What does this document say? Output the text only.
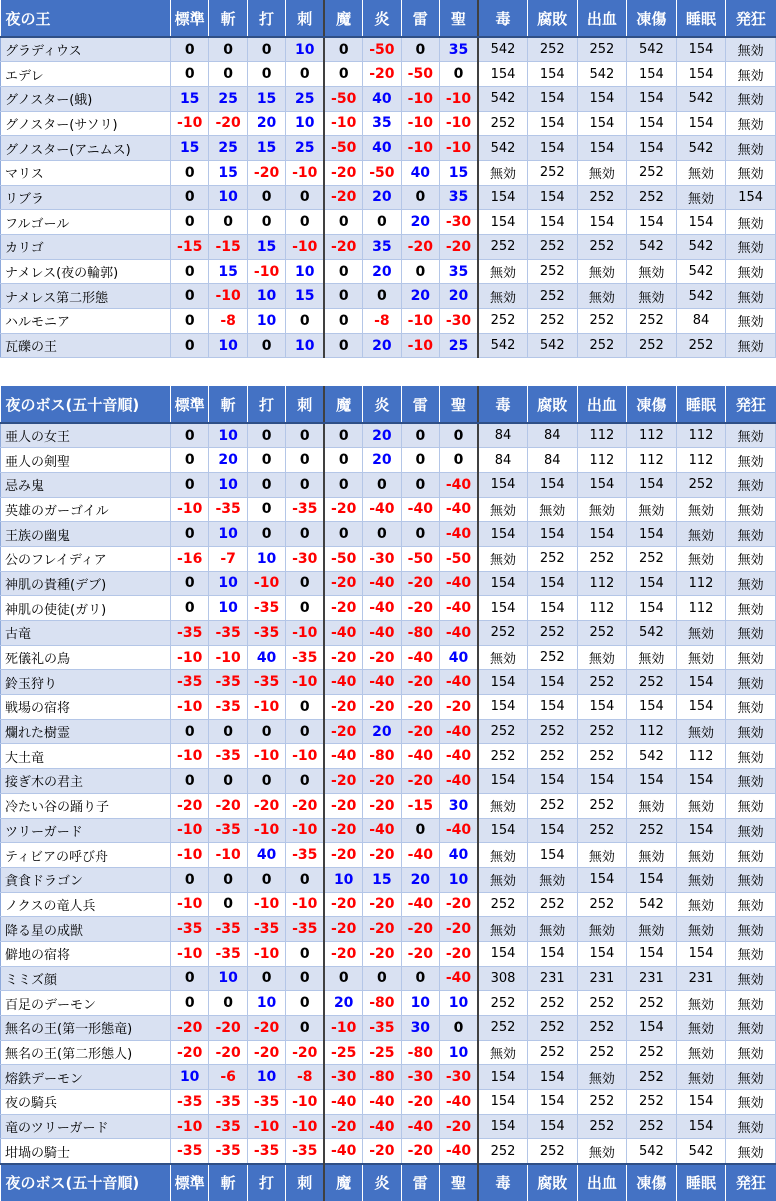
夜の王	標準	斬	打	刺	魔	炎	雷	聖	毒	腐敗	出血	凍傷	睡眠	発狂
グラディウス	0	0	0	10	0	-50	0	35	542	252	252	542	154	無効
エデレ	0	0	0	0	0	-20	-50	0	154	154	542	154	154	無効
グノスター(蛾)	15	25	15	25	-50	40	-10	-10	542	154	154	154	542	無効
グノスター(サソリ)	-10	-20	20	10	-10	35	-10	-10	252	154	154	154	154	無効
グノスター(アニムス)	15	25	15	25	-50	40	-10	-10	542	154	154	154	542	無効
マリス	0	15	-20	-10	-20	-50	40	15	無効	252	無効	252	無効	無効
リブラ	0	10	0	0	-20	20	0	35	154	154	252	252	無効	154
フルゴール	0	0	0	0	0	0	20	-30	154	154	154	154	154	無効
カリゴ	-15	-15	15	-10	-20	35	-20	-20	252	252	252	542	542	無効
ナメレス(夜の輪郭)	0	15	-10	10	0	20	0	35	無効	252	無効	無効	542	無効
ナメレス第二形態	0	-10	10	15	0	0	20	20	無効	252	無効	無効	542	無効
ハルモニア	0	-8	10	0	0	-8	-10	-30	252	252	252	252	84	無効
瓦礫の王	0	10	0	10	0	20	-10	25	542	542	252	252	252	無効
夜のボス(五十音順)	標準	斬	打	刺	魔	炎	雷	聖	毒	腐敗	出血	凍傷	睡眠	発狂
亜人の女王	0	10	0	0	0	20	0	0	84	84	112	112	112	無効
亜人の剣聖	0	20	0	0	0	20	0	0	84	84	112	112	112	無効
忌み鬼	0	10	0	0	0	0	0	-40	154	154	154	154	252	無効
英雄のガーゴイル	-10	-35	0	-35	-20	-40	-40	-40	無効	無効	無効	無効	無効	無効
王族の幽鬼	0	10	0	0	0	0	0	-40	154	154	154	154	無効	無効
公のフレイディア	-16	-7	10	-30	-50	-30	-50	-50	無効	252	252	252	無効	無効
神肌の貴種(デブ)	0	10	-10	0	-20	-40	-20	-40	154	154	112	154	112	無効
神肌の使徒(ガリ)	0	10	-35	0	-20	-40	-20	-40	154	154	112	154	112	無効
古竜	-35	-35	-35	-10	-40	-40	-80	-40	252	252	252	542	無効	無効
死儀礼の鳥	-10	-10	40	-35	-20	-20	-40	40	無効	252	無効	無効	無効	無効
鈴玉狩り	-35	-35	-35	-10	-40	-40	-20	-40	154	154	252	252	154	無効
戦場の宿将	-10	-35	-10	0	-20	-20	-20	-20	154	154	154	154	154	無効
爛れた樹霊	0	0	0	0	-20	20	-20	-40	252	252	252	112	無効	無効
大土竜	-10	-35	-10	-10	-40	-80	-40	-40	252	252	252	542	112	無効
接ぎ木の君主	0	0	0	0	-20	-20	-20	-40	154	154	154	154	154	無効
冷たい谷の踊り子	-20	-20	-20	-20	-20	-20	-15	30	無効	252	252	無効	無効	無効
ツリーガード	-10	-35	-10	-10	-20	-40	0	-40	154	154	252	252	154	無効
ティビアの呼び舟	-10	-10	40	-35	-20	-20	-40	40	無効	154	無効	無効	無効	無効
貪食ドラゴン	0	0	0	0	10	15	20	10	無効	無効	154	154	無効	無効
ノクスの竜人兵	-10	0	-10	-10	-20	-20	-40	-20	252	252	252	542	無効	無効
降る星の成獣	-35	-35	-35	-35	-20	-20	-20	-20	無効	無効	無効	無効	無効	無効
僻地の宿将	-10	-35	-10	0	-20	-20	-20	-20	154	154	154	154	154	無効
ミミズ顔	0	10	0	0	0	0	0	-40	308	231	231	231	231	無効
百足のデーモン	0	0	10	0	20	-80	10	10	252	252	252	252	無効	無効
無名の王(第一形態竜)	-20	-20	-20	0	-10	-35	30	0	252	252	252	154	無効	無効
無名の王(第二形態人)	-20	-20	-20	-20	-25	-25	-80	10	無効	252	252	252	無効	無効
熔鉄デーモン	10	-6	10	-8	-30	-80	-30	-30	154	154	無効	252	無効	無効
夜の騎兵	-35	-35	-35	-10	-40	-40	-20	-40	154	154	252	252	154	無効
竜のツリーガード	-10	-35	-10	-10	-20	-40	-40	-20	154	154	252	252	154	無効
坩堝の騎士	-35	-35	-35	-35	-40	-20	-20	-40	252	252	無効	542	542	無効
夜のボス(五十音順)	標準	斬	打	刺	魔	炎	雷	聖	毒	腐敗	出血	凍傷	睡眠	発狂
